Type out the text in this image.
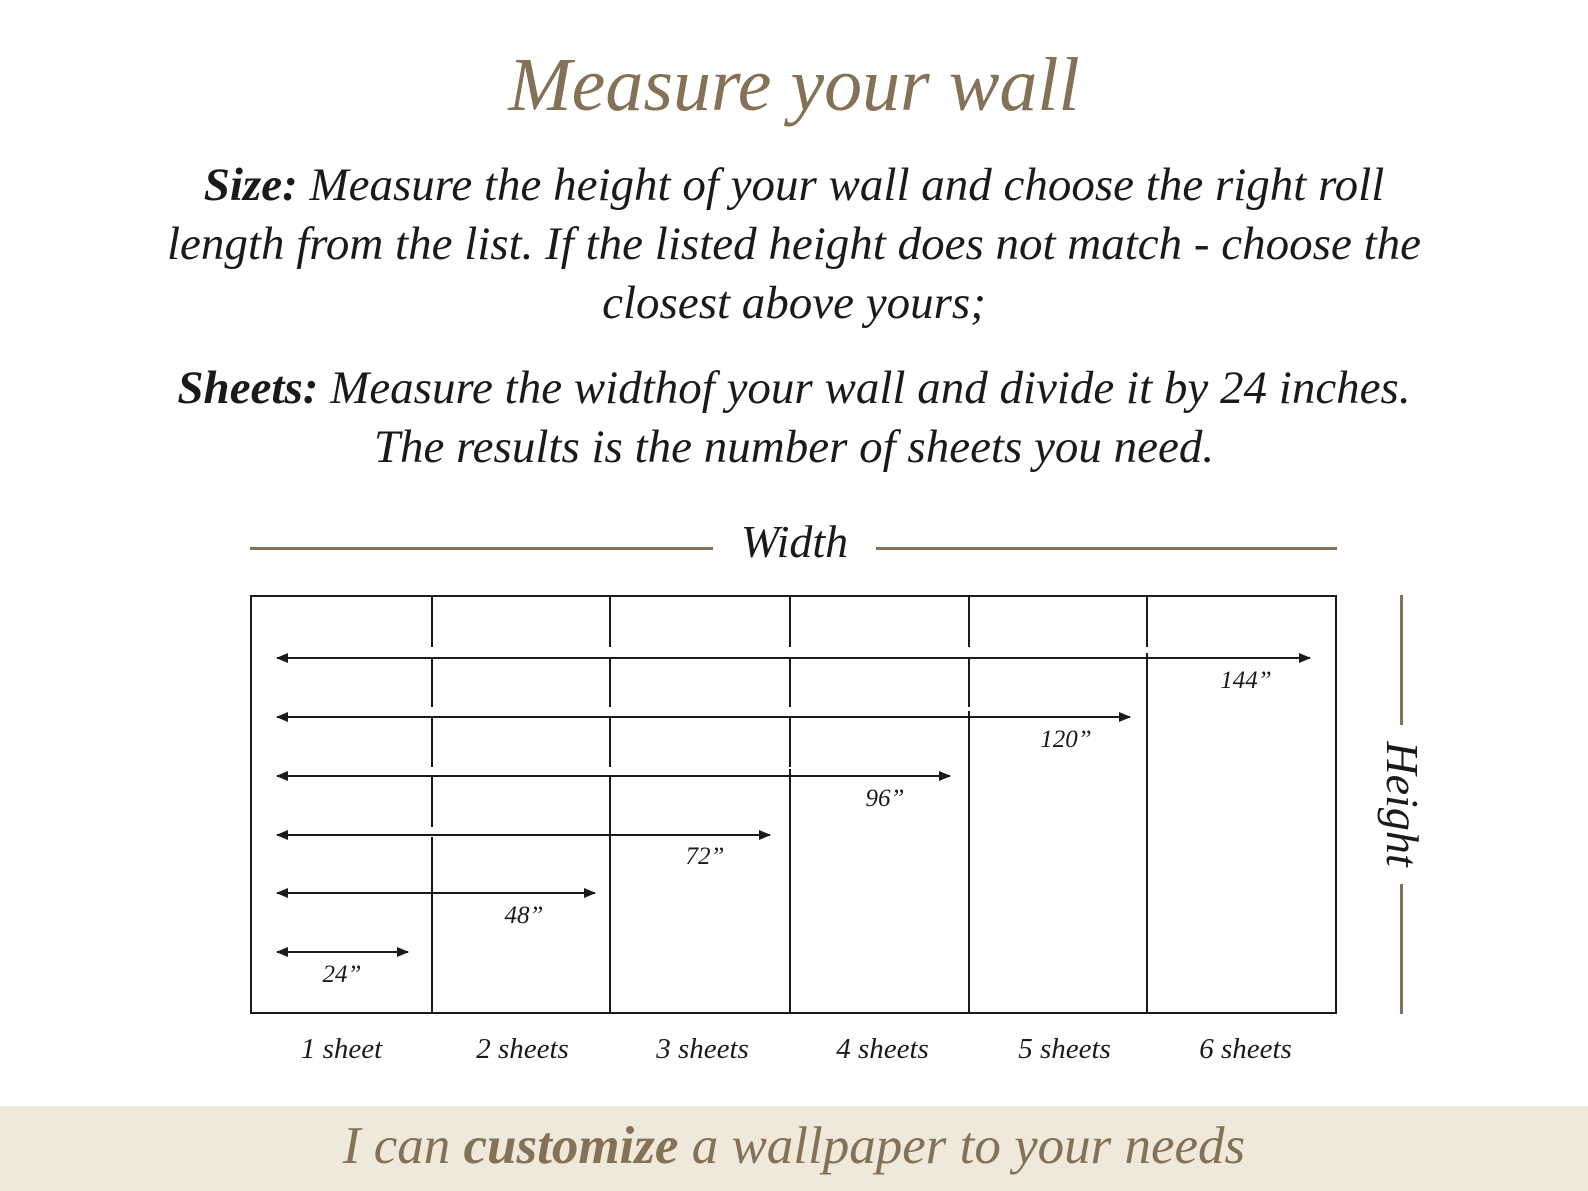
Measure your wall

Size: Measure the height of your wall and choose the right roll length from the list. If the listed height does not match - choose the closest above yours;

Sheets: Measure the widthof your wall and divide it by 24 inches. The results is the number of sheets you need.

Width
144”
120”
96”
72”
48”
24”
1 sheet	2 sheets	3 sheets	4 sheets	5 sheets	6 sheets
Height
I can customize a wallpaper to your needs
